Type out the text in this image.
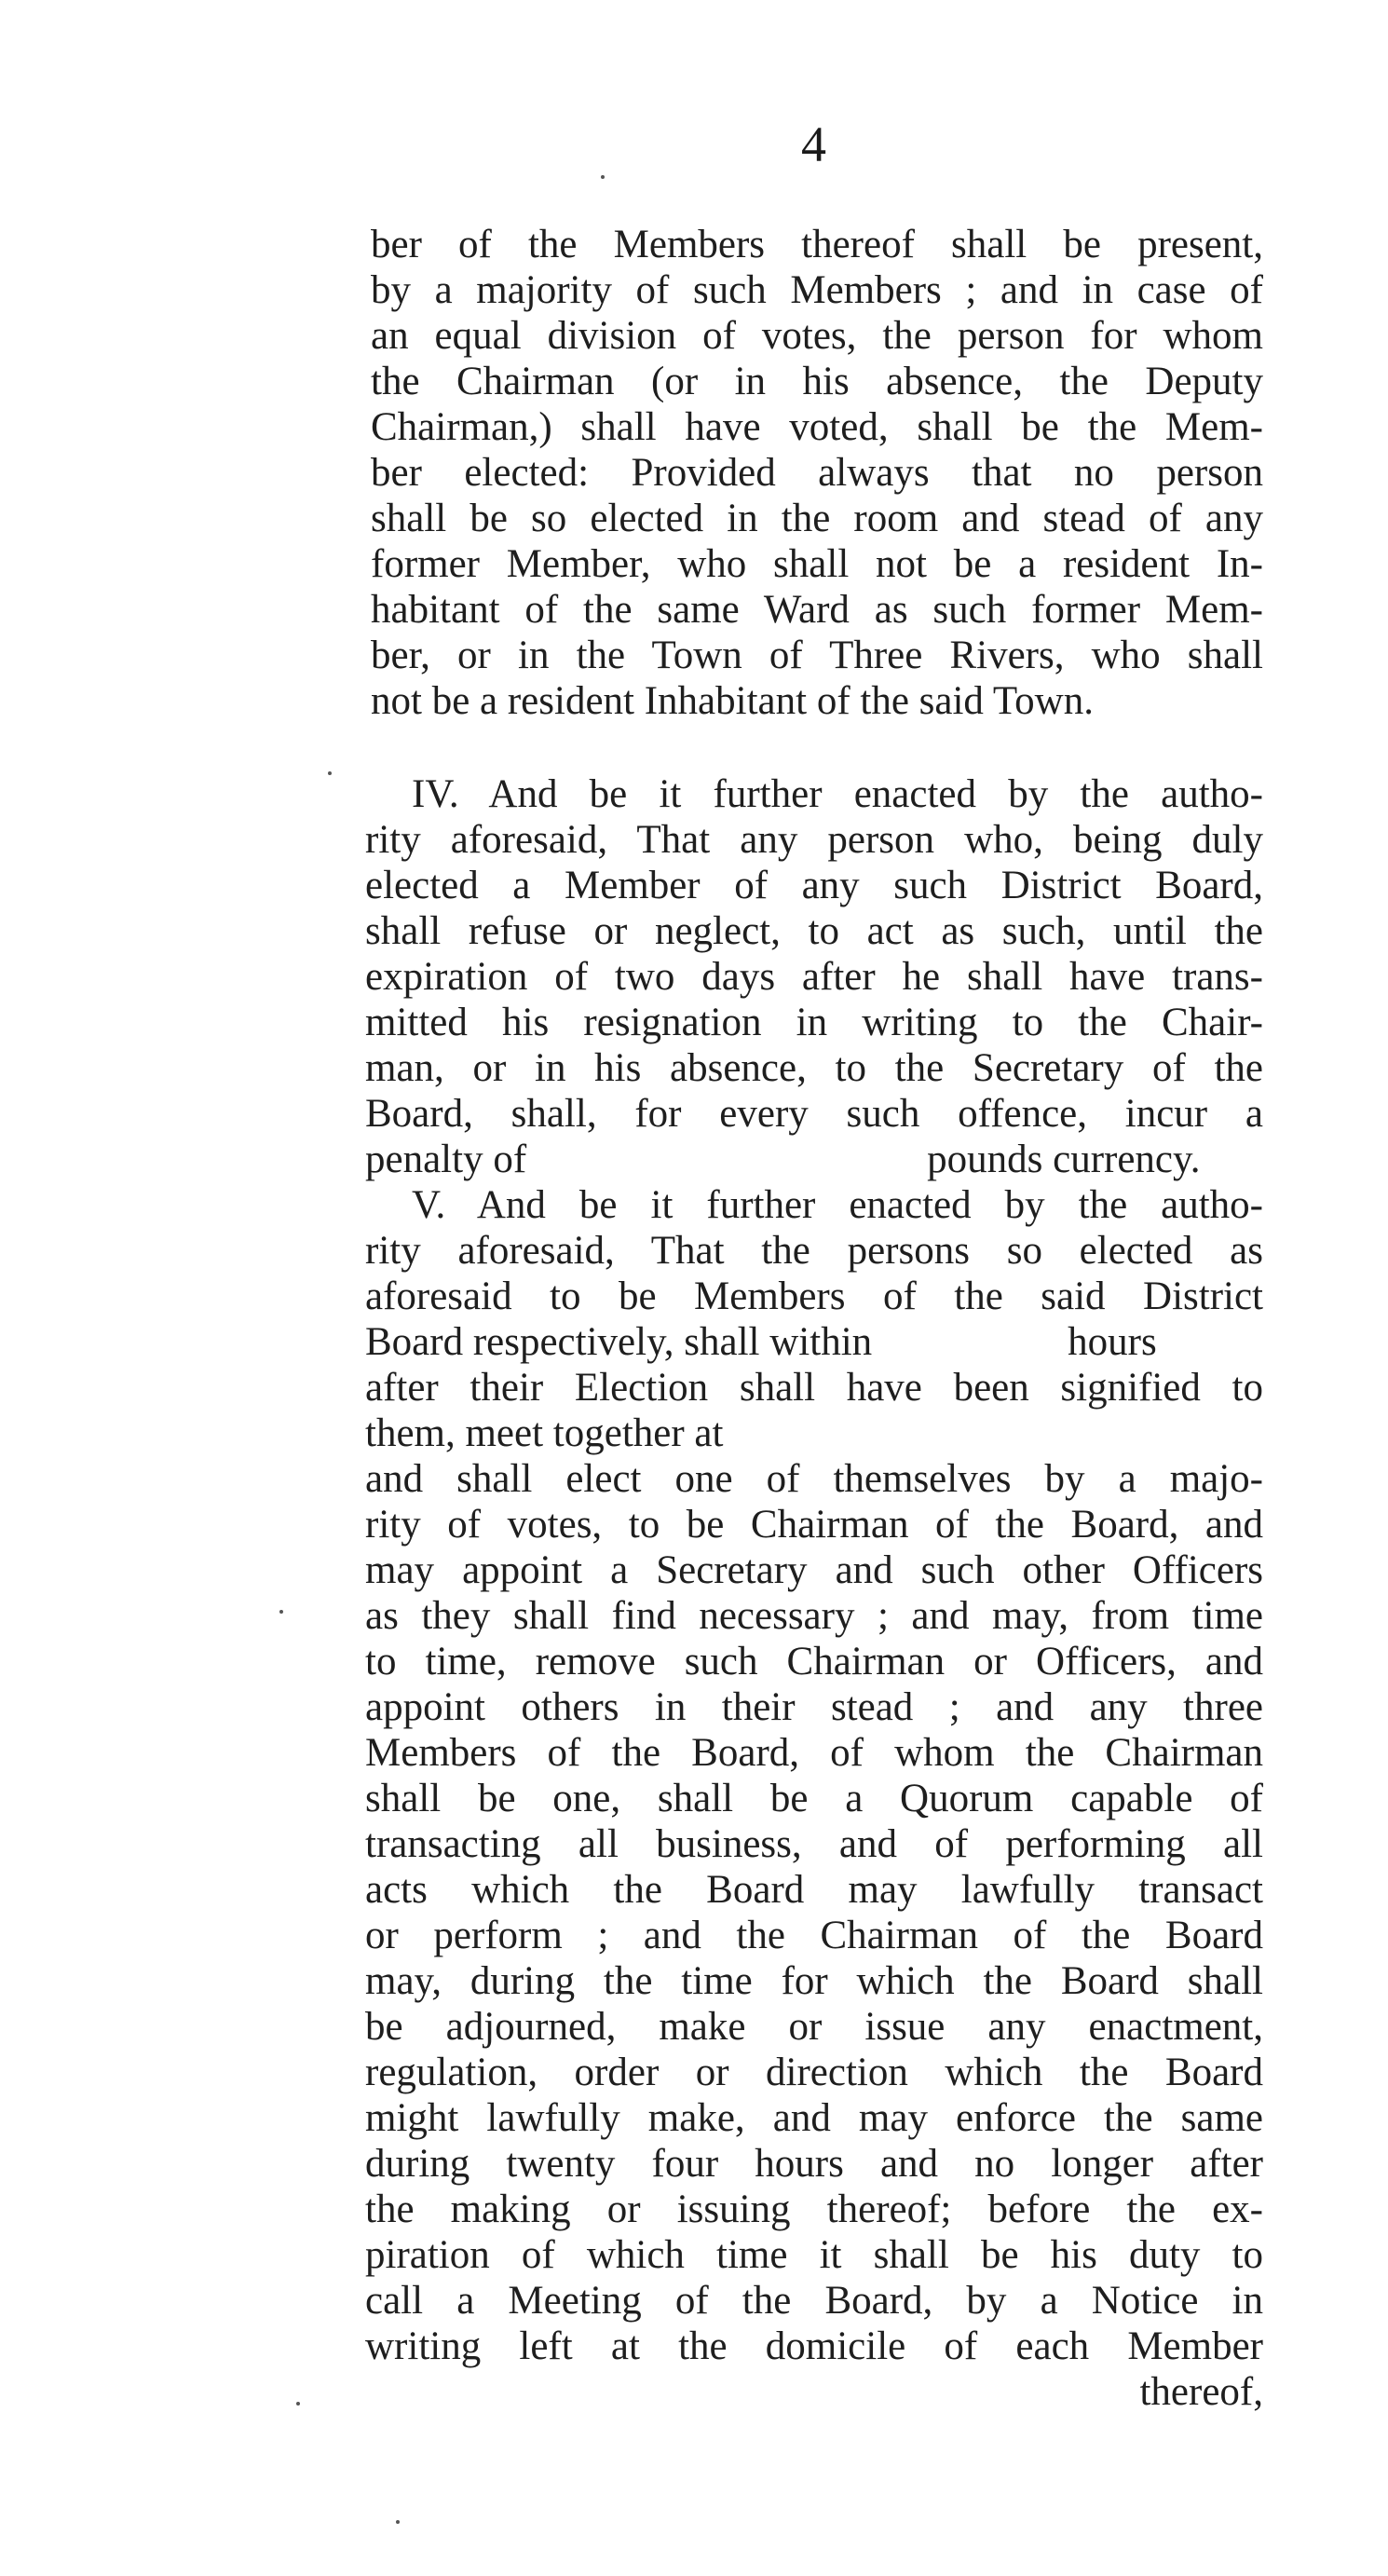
4
ber of the Members thereof shall be present,
by a majority of such Members ; and in case of
an equal division of votes, the person for whom
the Chairman (or in his absence, the Deputy
Chairman,) shall have voted, shall be the Mem-
ber elected: Provided always that no person
shall be so elected in the room and stead of any
former Member, who shall not be a resident In-
habitant of the same Ward as such former Mem-
ber, or in the Town of Three Rivers, who shall
not be a resident Inhabitant of the said Town.
IV. And be it further enacted by the autho-
rity aforesaid, That any person who, being duly
elected a Member of any such District Board,
shall refuse or neglect, to act as such, until the
expiration of two days after he shall have trans-
mitted his resignation in writing to the Chair-
man, or in his absence, to the Secretary of the
Board, shall, for every such offence, incur a
penalty of	pounds currency.
V. And be it further enacted by the autho-
rity aforesaid, That the persons so elected as
aforesaid to be Members of the said District
Board respectively, shall within	hours
after their Election shall have been signified to
them, meet together at
and shall elect one of themselves by a majo-
rity of votes, to be Chairman of the Board, and
may appoint a Secretary and such other Officers
as they shall find necessary ; and may, from time
to time, remove such Chairman or Officers, and
appoint others in their stead ; and any three
Members of the Board, of whom the Chairman
shall be one, shall be a Quorum capable of
transacting all business, and of performing all
acts which the Board may lawfully transact
or perform ; and the Chairman of the Board
may, during the time for which the Board shall
be adjourned, make or issue any enactment,
regulation, order or direction which the Board
might lawfully make, and may enforce the same
during twenty four hours and no longer after
the making or issuing thereof; before the ex-
piration of which time it shall be his duty to
call a Meeting of the Board, by a Notice in
writing left at the domicile of each Member
thereof,
